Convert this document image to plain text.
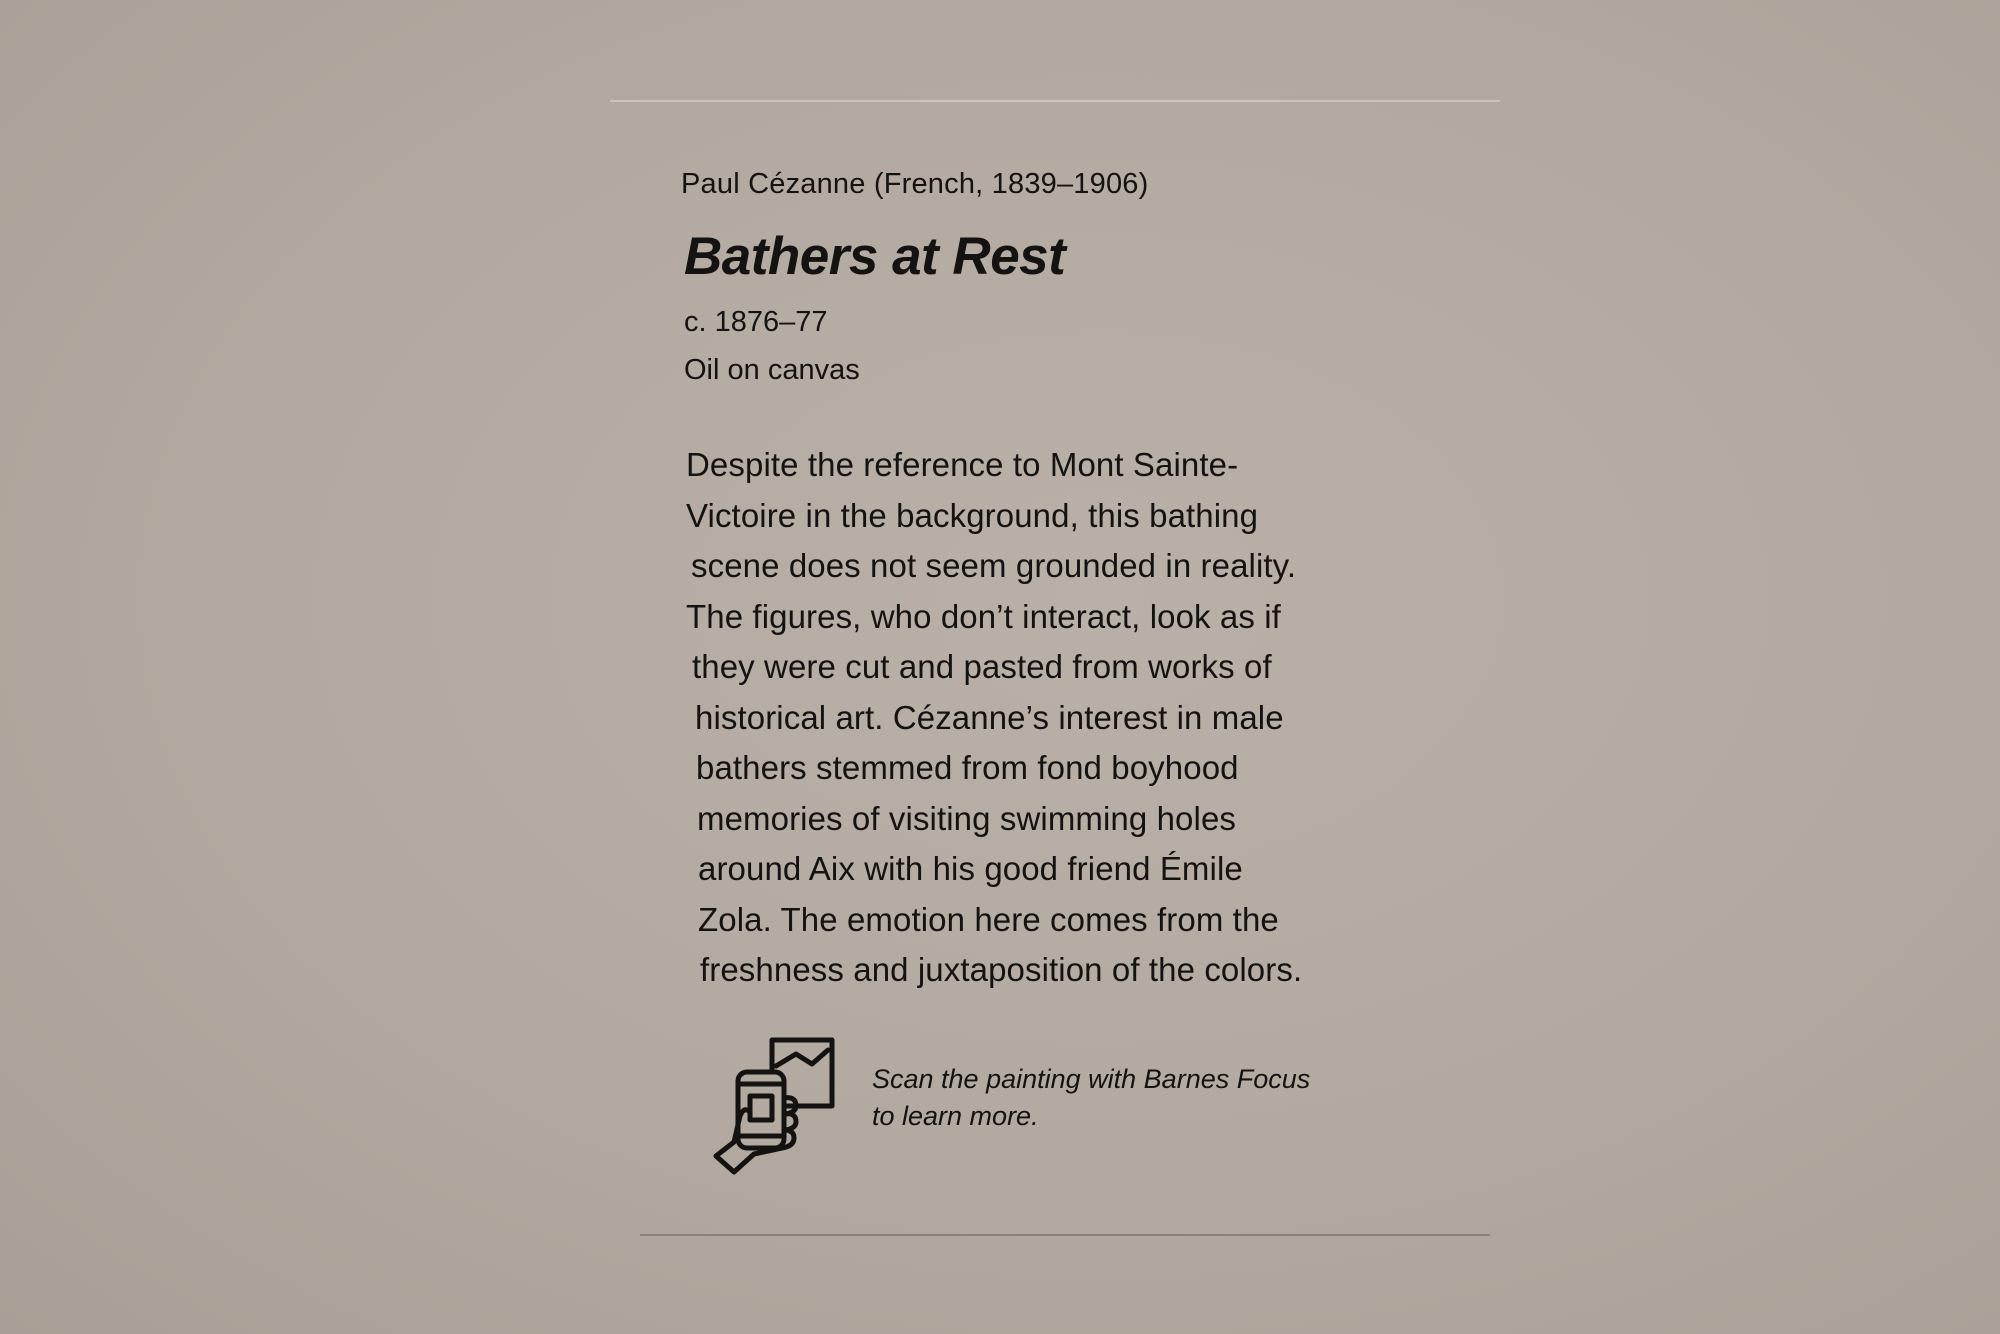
Paul Cézanne (French, 1839–1906)
Bathers at Rest
c. 1876–77
Oil on canvas
Despite the reference to Mont Sainte-
Victoire in the background, this bathing
scene does not seem grounded in reality.
The figures, who don’t interact, look as if
they were cut and pasted from works of
historical art. Cézanne’s interest in male
bathers stemmed from fond boyhood
memories of visiting swimming holes
around Aix with his good friend Émile
Zola. The emotion here comes from the
freshness and juxtaposition of the colors.
Scan the painting with Barnes Focus
to learn more.
